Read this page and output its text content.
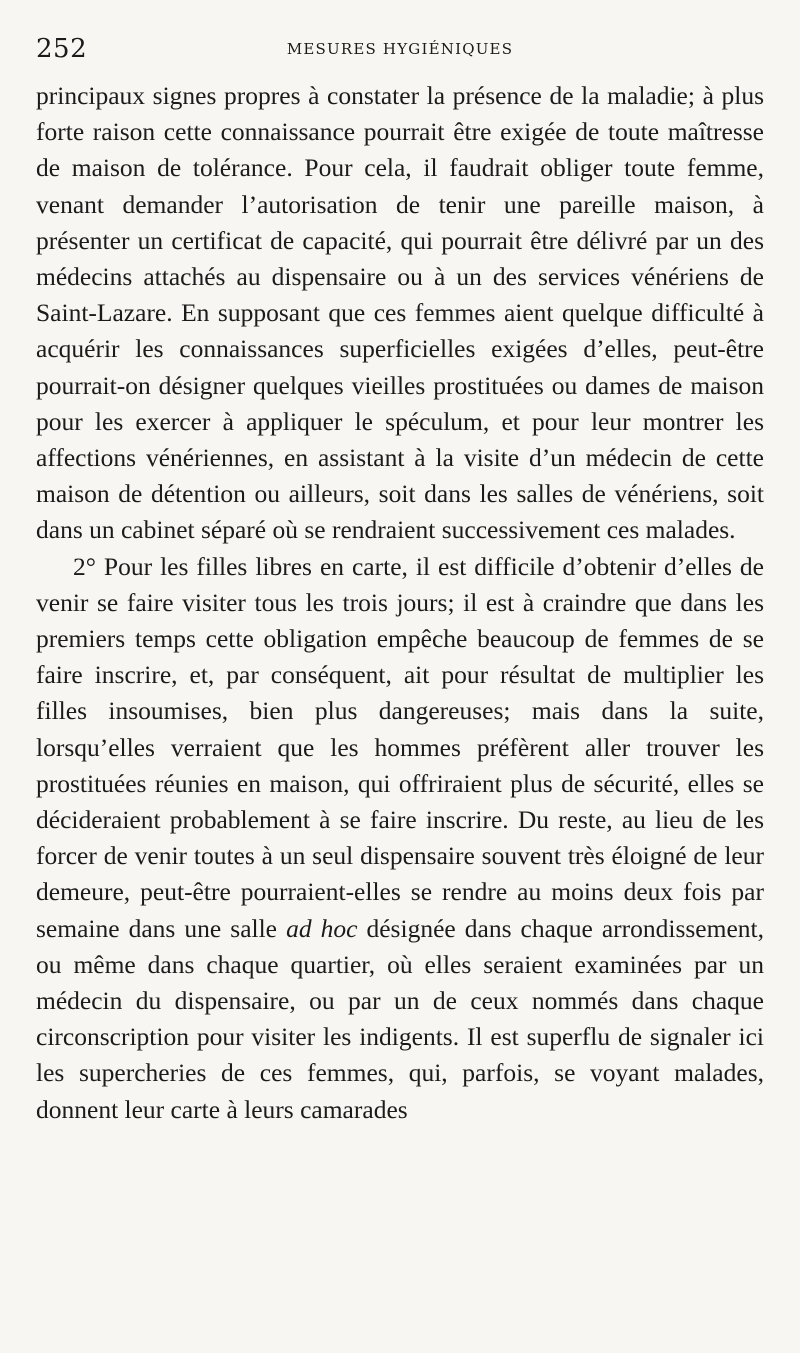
252	MESURES HYGIÉNIQUES

principaux signes propres à constater la présence de la maladie; à plus forte raison cette connaissance pourrait être exigée de toute maîtresse de maison de tolérance. Pour cela, il faudrait obliger toute femme, venant demander l’autorisation de tenir une pareille maison, à présenter un certificat de capacité, qui pourrait être délivré par un des médecins attachés au dispensaire ou à un des services vénériens de Saint-Lazare. En supposant que ces femmes aient quelque difficulté à acquérir les connaissances superficielles exigées d’elles, peut-être pourrait-on désigner quelques vieilles prostituées ou dames de maison pour les exercer à appliquer le spéculum, et pour leur montrer les affections vénériennes, en assistant à la visite d’un médecin de cette maison de détention ou ailleurs, soit dans les salles de vénériens, soit dans un cabinet séparé où se rendraient successivement ces malades.

2° Pour les filles libres en carte, il est difficile d’obtenir d’elles de venir se faire visiter tous les trois jours; il est à craindre que dans les premiers temps cette obligation empêche beaucoup de femmes de se faire inscrire, et, par conséquent, ait pour résultat de multiplier les filles insoumises, bien plus dangereuses; mais dans la suite, lorsqu’elles verraient que les hommes préfèrent aller trouver les prostituées réunies en maison, qui offriraient plus de sécurité, elles se décideraient probablement à se faire inscrire. Du reste, au lieu de les forcer de venir toutes à un seul dispensaire souvent très éloigné de leur demeure, peut-être pourraient-elles se rendre au moins deux fois par semaine dans une salle ad hoc désignée dans chaque arrondissement, ou même dans chaque quartier, où elles seraient examinées par un médecin du dispensaire, ou par un de ceux nommés dans chaque circonscription pour visiter les indigents. Il est superflu de signaler ici les supercheries de ces femmes, qui, parfois, se voyant malades, donnent leur carte à leurs camarades
